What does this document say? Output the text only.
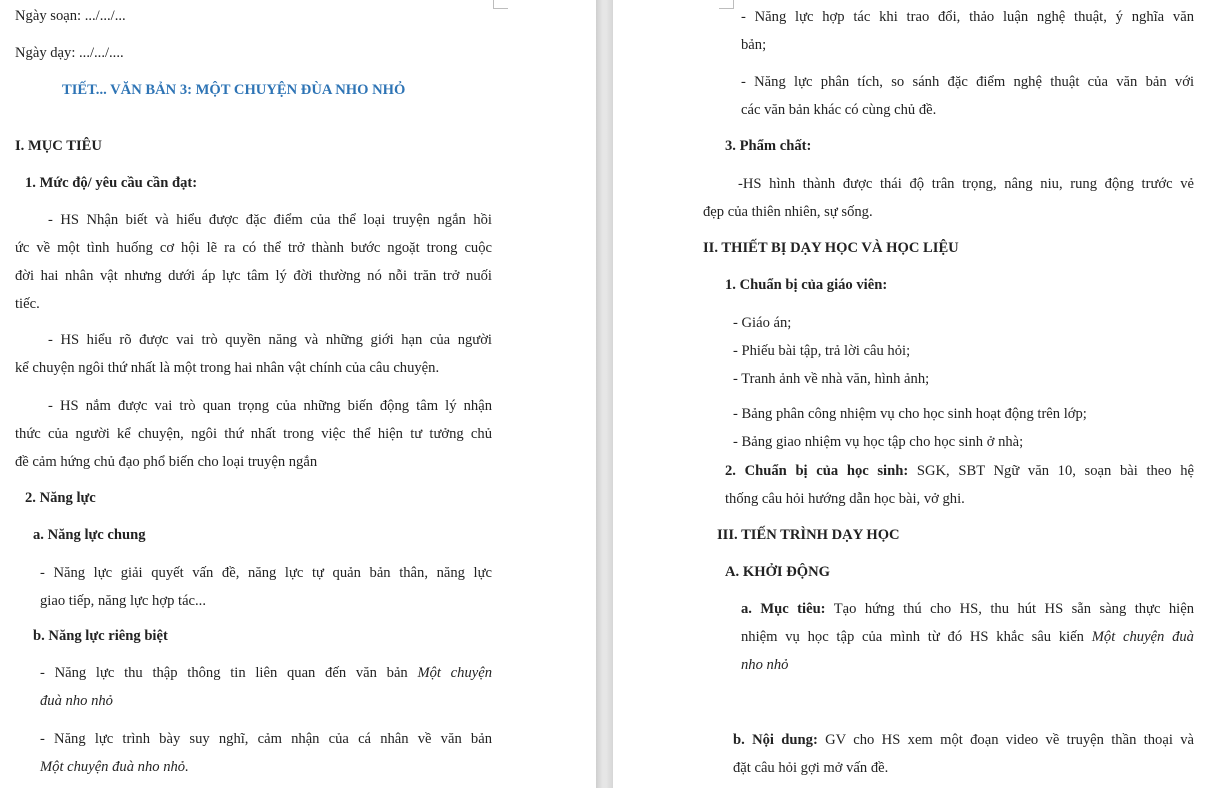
Ngày soạn: .../.../...
Ngày dạy: .../.../....
TIẾT... VĂN BẢN 3: MỘT CHUYỆN ĐÙA NHO NHỎ
I. MỤC TIÊU
1. Mức độ/ yêu cầu cần đạt:
- HS Nhận biết và hiểu được đặc điểm của thể loại truyện ngắn hồi
ức về một tình huống cơ hội lẽ ra có thể trở thành bước ngoặt trong cuộc
đời hai nhân vật nhưng dưới áp lực tâm lý đời thường nó nỗi trăn trở nuối
tiếc.
- HS hiểu rõ được vai trò quyền năng và những giới hạn của người
kể chuyện ngôi thứ nhất là một trong hai nhân vật chính của câu chuyện.
- HS nắm được vai trò quan trọng của những biến động tâm lý nhận
thức của người kể chuyện, ngôi thứ nhất trong việc thể hiện tư tưởng chủ
đề cảm hứng chủ đạo phổ biến cho loại truyện ngắn
2. Năng lực
a. Năng lực chung
- Năng lực giải quyết vấn đề, năng lực tự quản bản thân, năng lực
giao tiếp, năng lực hợp tác...
b. Năng lực riêng biệt
- Năng lực thu thập thông tin liên quan đến văn bản Một chuyện
đuà nho nhỏ
- Năng lực trình bày suy nghĩ, cảm nhận của cá nhân về văn bản
Một chuyện đuà nho nhỏ.
- Năng lực hợp tác khi trao đổi, thảo luận nghệ thuật, ý nghĩa văn
bản;
- Năng lực phân tích, so sánh đặc điểm nghệ thuật của văn bản với
các văn bản khác có cùng chủ đề.
3. Phẩm chất:
-HS hình thành được thái độ trân trọng, nâng niu, rung động trước vẻ
đẹp của thiên nhiên, sự sống.
II. THIẾT BỊ DẠY HỌC VÀ HỌC LIỆU
1. Chuẩn bị của giáo viên:
- Giáo án;
- Phiếu bài tập, trả lời câu hỏi;
- Tranh ảnh về nhà văn, hình ảnh;
- Bảng phân công nhiệm vụ cho học sinh hoạt động trên lớp;
- Bảng giao nhiệm vụ học tập cho học sinh ở nhà;
2. Chuẩn bị của học sinh: SGK, SBT Ngữ văn 10, soạn bài theo hệ
thống câu hỏi hướng dẫn học bài, vở ghi.
III. TIẾN TRÌNH DẠY HỌC
A. KHỞI ĐỘNG
a. Mục tiêu: Tạo hứng thú cho HS, thu hút HS sẵn sàng thực hiện
nhiệm vụ học tập của mình từ đó HS khắc sâu kiến Một chuyện đuà
nho nhỏ
b. Nội dung: GV cho HS xem một đoạn video về truyện thần thoại và
đặt câu hỏi gợi mở vấn đề.
